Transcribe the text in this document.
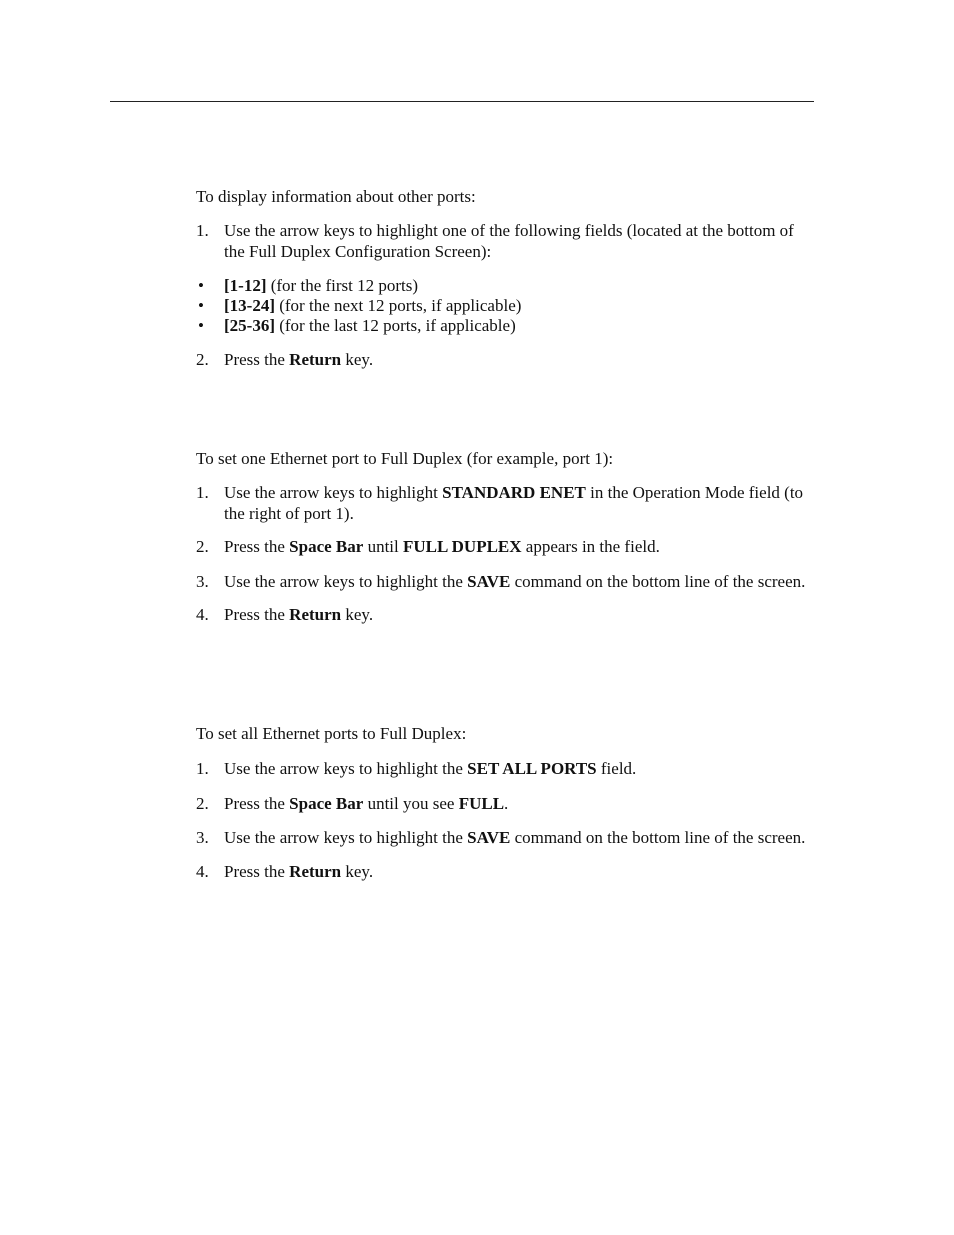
To display information about other ports:

1. Use the arrow keys to highlight one of the following fields (located at the bottom of the Full Duplex Configuration Screen):
• [1-12] (for the first 12 ports)
• [13-24] (for the next 12 ports, if applicable)
• [25-36] (for the last 12 ports, if applicable)
2. Press the Return key.

To set one Ethernet port to Full Duplex (for example, port 1):

1. Use the arrow keys to highlight STANDARD ENET in the Operation Mode field (to the right of port 1).
2. Press the Space Bar until FULL DUPLEX appears in the field.
3. Use the arrow keys to highlight the SAVE command on the bottom line of the screen.
4. Press the Return key.

To set all Ethernet ports to Full Duplex:

1. Use the arrow keys to highlight the SET ALL PORTS field.
2. Press the Space Bar until you see FULL.
3. Use the arrow keys to highlight the SAVE command on the bottom line of the screen.
4. Press the Return key.
